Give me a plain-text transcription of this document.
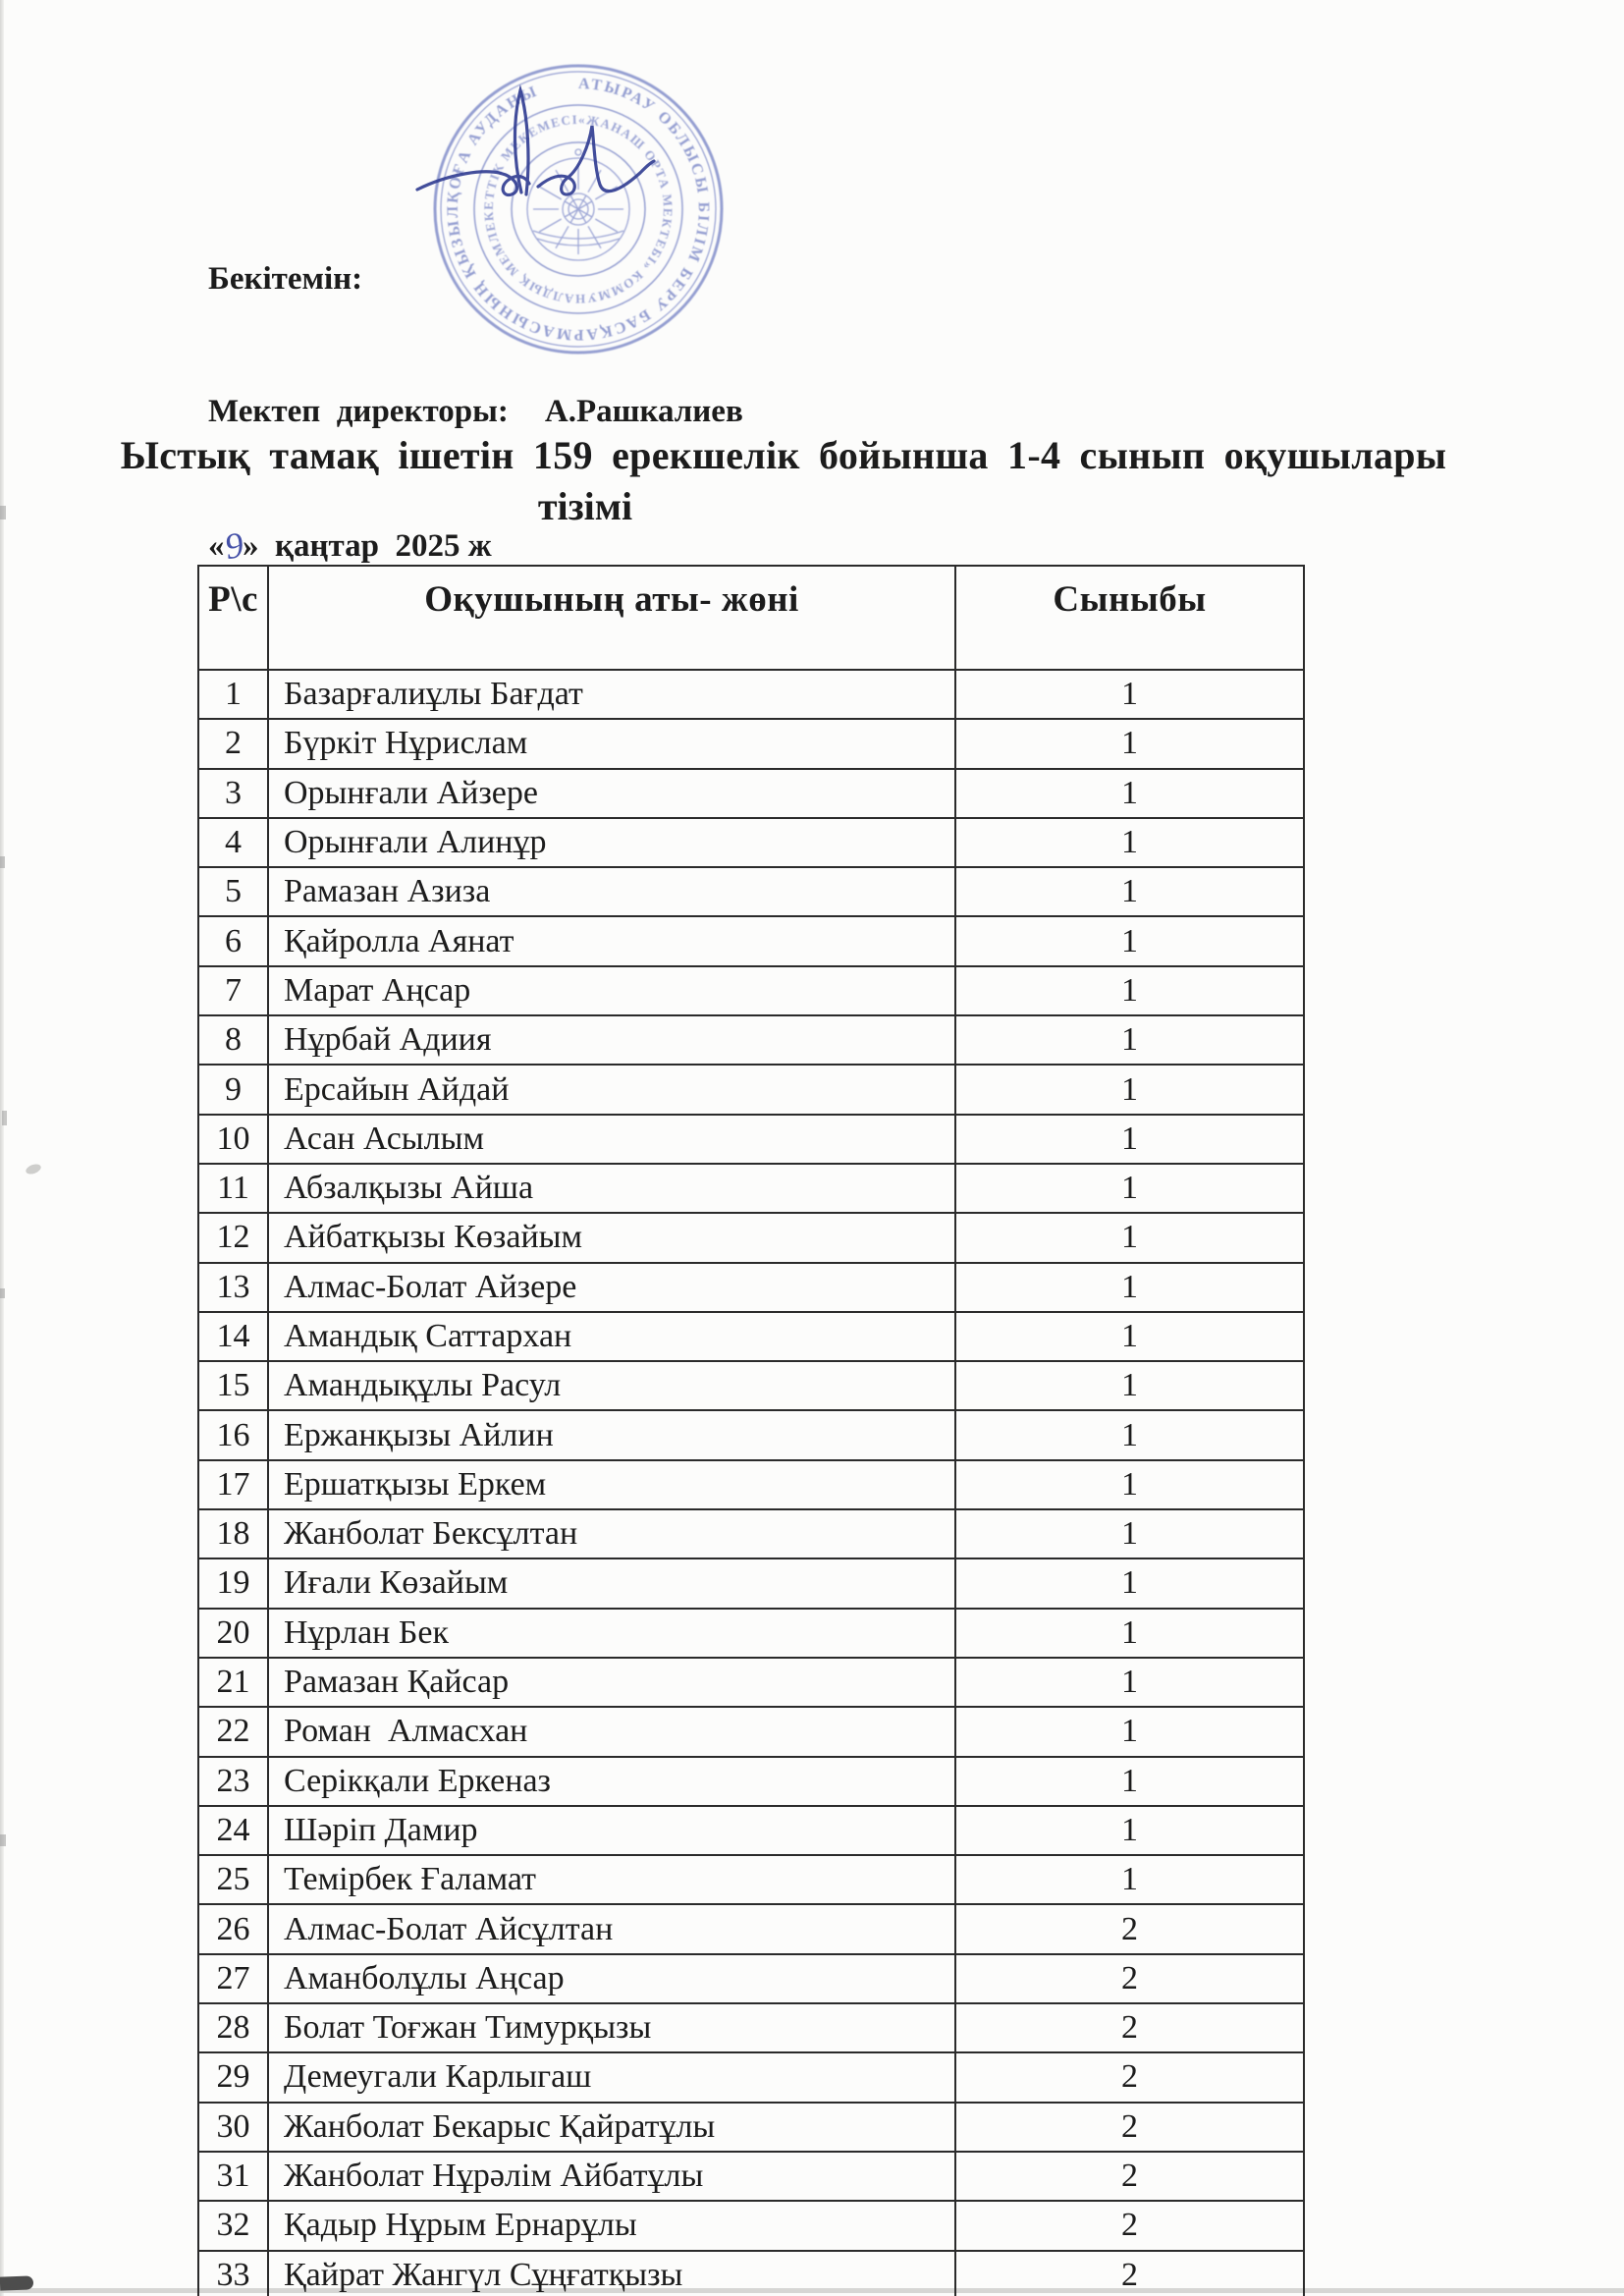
АТЫРАУ ОБЛЫСЫ БІЛІМ БЕРУ БАСҚАРМАСЫНЫҢ ҚЫЗЫЛҚОҒА АУДАНЫ
«ЖАНАШ ОРТА МЕКТЕБІ» КОММУНАЛДЫҚ МЕМЛЕКЕТТІК МЕКЕМЕСІ

Бекітемін:

Мектеп  директоры: А.Рашкалиев

«9»  қаңтар  2025 ж

Ыстық тамақ ішетін 159 ерекшелік бойынша 1-4 сынып оқушылары
тізімі
Р\с	Оқушының аты- жөні	Сыныбы
1	Базарғалиұлы Бағдат	1
2	Бүркіт Нұрислам	1
3	Орынғали Айзере	1
4	Орынғали Алинұр	1
5	Рамазан Азиза	1
6	Қайролла Аянат	1
7	Марат Аңсар	1
8	Нұрбай Адиия	1
9	Ерсайын Айдай	1
10	Асан Асылым	1
11	Абзалқызы Айша	1
12	Айбатқызы Көзайым	1
13	Алмас-Болат Айзере	1
14	Амандық Саттархан	1
15	Амандықұлы Расул	1
16	Ержанқызы Айлин	1
17	Ершатқызы Еркем	1
18	Жанболат Бексұлтан	1
19	Иғали Көзайым	1
20	Нұрлан Бек	1
21	Рамазан Қайсар	1
22	Роман  Алмасхан	1
23	Серікқали Еркеназ	1
24	Шәріп Дамир	1
25	Темірбек Ғаламат	1
26	Алмас-Болат Айсұлтан	2
27	Аманболұлы Аңсар	2
28	Болат Тоғжан Тимурқызы	2
29	Демеугали Карлыгаш	2
30	Жанболат Бекарыс Қайратұлы	2
31	Жанболат Нұрәлім Айбатұлы	2
32	Қадыр Нұрым Ернарұлы	2
33	Қайрат Жангүл Сұңғатқызы	2
